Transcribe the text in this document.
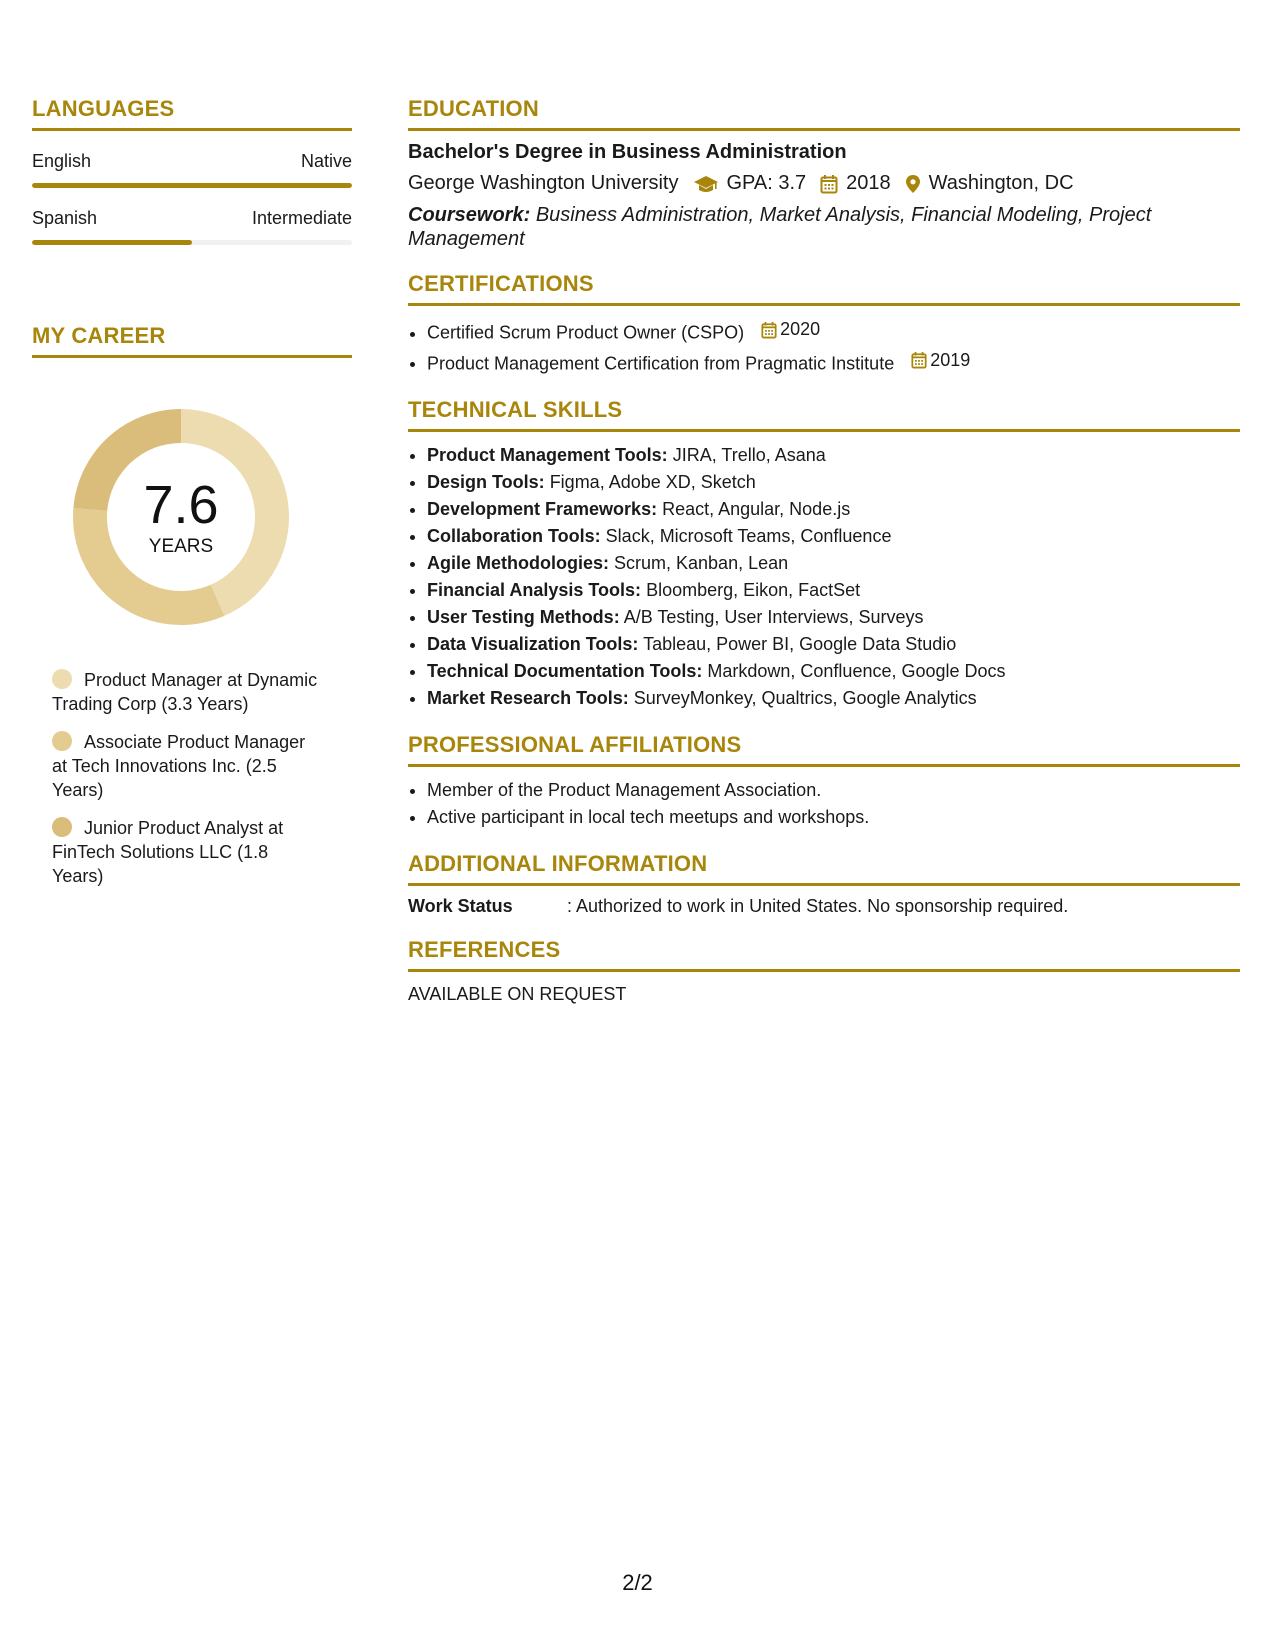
LANGUAGES
English	Native
Spanish	Intermediate
MY CAREER
7.6
YEARS
Product Manager at Dynamic Trading Corp (3.3 Years)
Associate Product Manager at Tech Innovations Inc. (2.5 Years)
Junior Product Analyst at FinTech Solutions LLC (1.8 Years)
EDUCATION
Bachelor's Degree in Business Administration
George Washington University GPA: 3.7 2018 Washington, DC
Coursework: Business Administration, Market Analysis, Financial Modeling, Project Management
CERTIFICATIONS
• Certified Scrum Product Owner (CSPO) 2020
• Product Management Certification from Pragmatic Institute 2019
TECHNICAL SKILLS
• Product Management Tools: JIRA, Trello, Asana
• Design Tools: Figma, Adobe XD, Sketch
• Development Frameworks: React, Angular, Node.js
• Collaboration Tools: Slack, Microsoft Teams, Confluence
• Agile Methodologies: Scrum, Kanban, Lean
• Financial Analysis Tools: Bloomberg, Eikon, FactSet
• User Testing Methods: A/B Testing, User Interviews, Surveys
• Data Visualization Tools: Tableau, Power BI, Google Data Studio
• Technical Documentation Tools: Markdown, Confluence, Google Docs
• Market Research Tools: SurveyMonkey, Qualtrics, Google Analytics
PROFESSIONAL AFFILIATIONS
• Member of the Product Management Association.
• Active participant in local tech meetups and workshops.
ADDITIONAL INFORMATION
Work Status	: Authorized to work in United States. No sponsorship required.
REFERENCES
AVAILABLE ON REQUEST
2/2
